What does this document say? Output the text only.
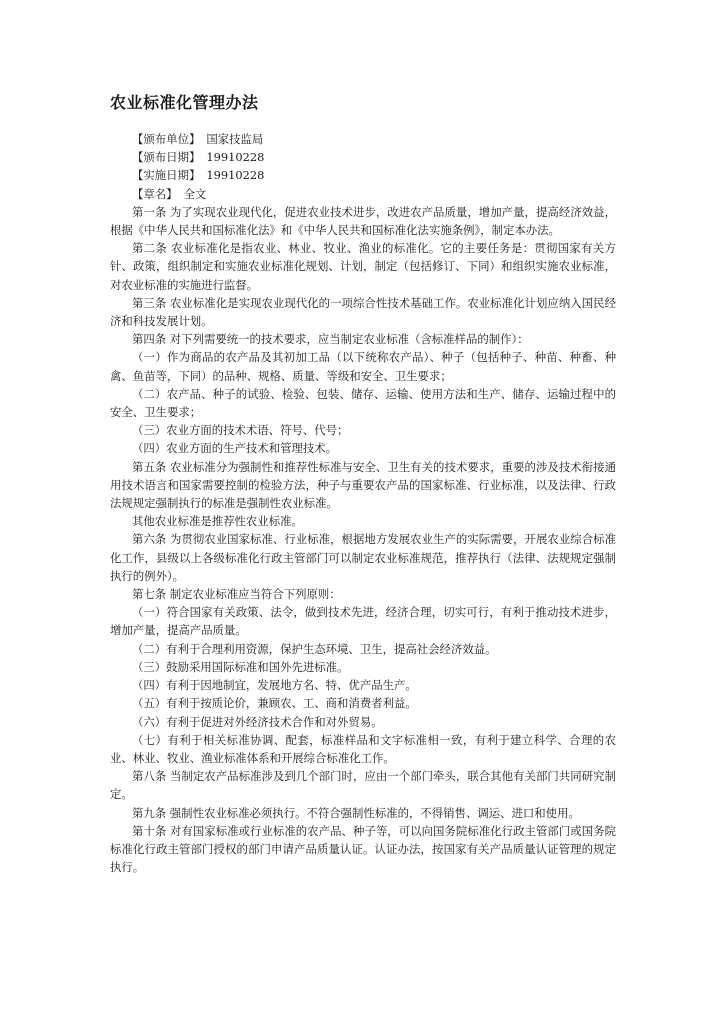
农业标准化管理办法
【颁布单位】 国家技监局
【颁布日期】 19910228
【实施日期】 19910228
【章名】 全文

第一条 为了实现农业现代化，促进农业技术进步，改进农产品质量，增加产量，提高经济效益，根据《中华人民共和国标准化法》和《中华人民共和国标准化法实施条例》，制定本办法。

第二条 农业标准化是指农业、林业、牧业、渔业的标准化。它的主要任务是：贯彻国家有关方针、政策，组织制定和实施农业标准化规划、计划，制定（包括修订、下同）和组织实施农业标准，对农业标准的实施进行监督。

第三条 农业标准化是实现农业现代化的一项综合性技术基础工作。农业标准化计划应纳入国民经济和科技发展计划。

第四条 对下列需要统一的技术要求，应当制定农业标准（含标准样品的制作）：

（一）作为商品的农产品及其初加工品（以下统称农产品）、种子（包括种子、种苗、种畜、种禽、鱼苗等，下同）的品种、规格、质量、等级和安全、卫生要求；

（二）农产品、种子的试验、检验、包装、储存、运输、使用方法和生产、储存、运输过程中的安全、卫生要求；

（三）农业方面的技术术语、符号、代号；

（四）农业方面的生产技术和管理技术。

第五条 农业标准分为强制性和推荐性标准与安全、卫生有关的技术要求，重要的涉及技术衔接通用技术语言和国家需要控制的检验方法，种子与重要农产品的国家标准、行业标准，以及法律、行政法规规定强制执行的标准是强制性农业标准。

其他农业标准是推荐性农业标准。

第六条 为贯彻农业国家标准、行业标准，根据地方发展农业生产的实际需要，开展农业综合标准化工作，县级以上各级标准化行政主管部门可以制定农业标准规范，推荐执行（法律、法规规定强制执行的例外）。

第七条 制定农业标准应当符合下列原则：

（一）符合国家有关政策、法令，做到技术先进，经济合理，切实可行，有利于推动技术进步，增加产量，提高产品质量。

（二）有利于合理利用资源，保护生态环境、卫生，提高社会经济效益。

（三）鼓励采用国际标准和国外先进标准。

（四）有利于因地制宜，发展地方名、特、优产品生产。

（五）有利于按质论价，兼顾农、工、商和消费者利益。

（六）有利于促进对外经济技术合作和对外贸易。

（七）有利于相关标准协调、配套，标准样品和文字标准相一致，有利于建立科学、合理的农业、林业、牧业、渔业标准体系和开展综合标准化工作。

第八条 当制定农产品标准涉及到几个部门时，应由一个部门牵头，联合其他有关部门共同研究制定。

第九条 强制性农业标准必须执行。不符合强制性标准的，不得销售、调运、进口和使用。

第十条 对有国家标准或行业标准的农产品、种子等，可以向国务院标准化行政主管部门或国务院标准化行政主管部门授权的部门申请产品质量认证。认证办法，按国家有关产品质量认证管理的规定执行。
